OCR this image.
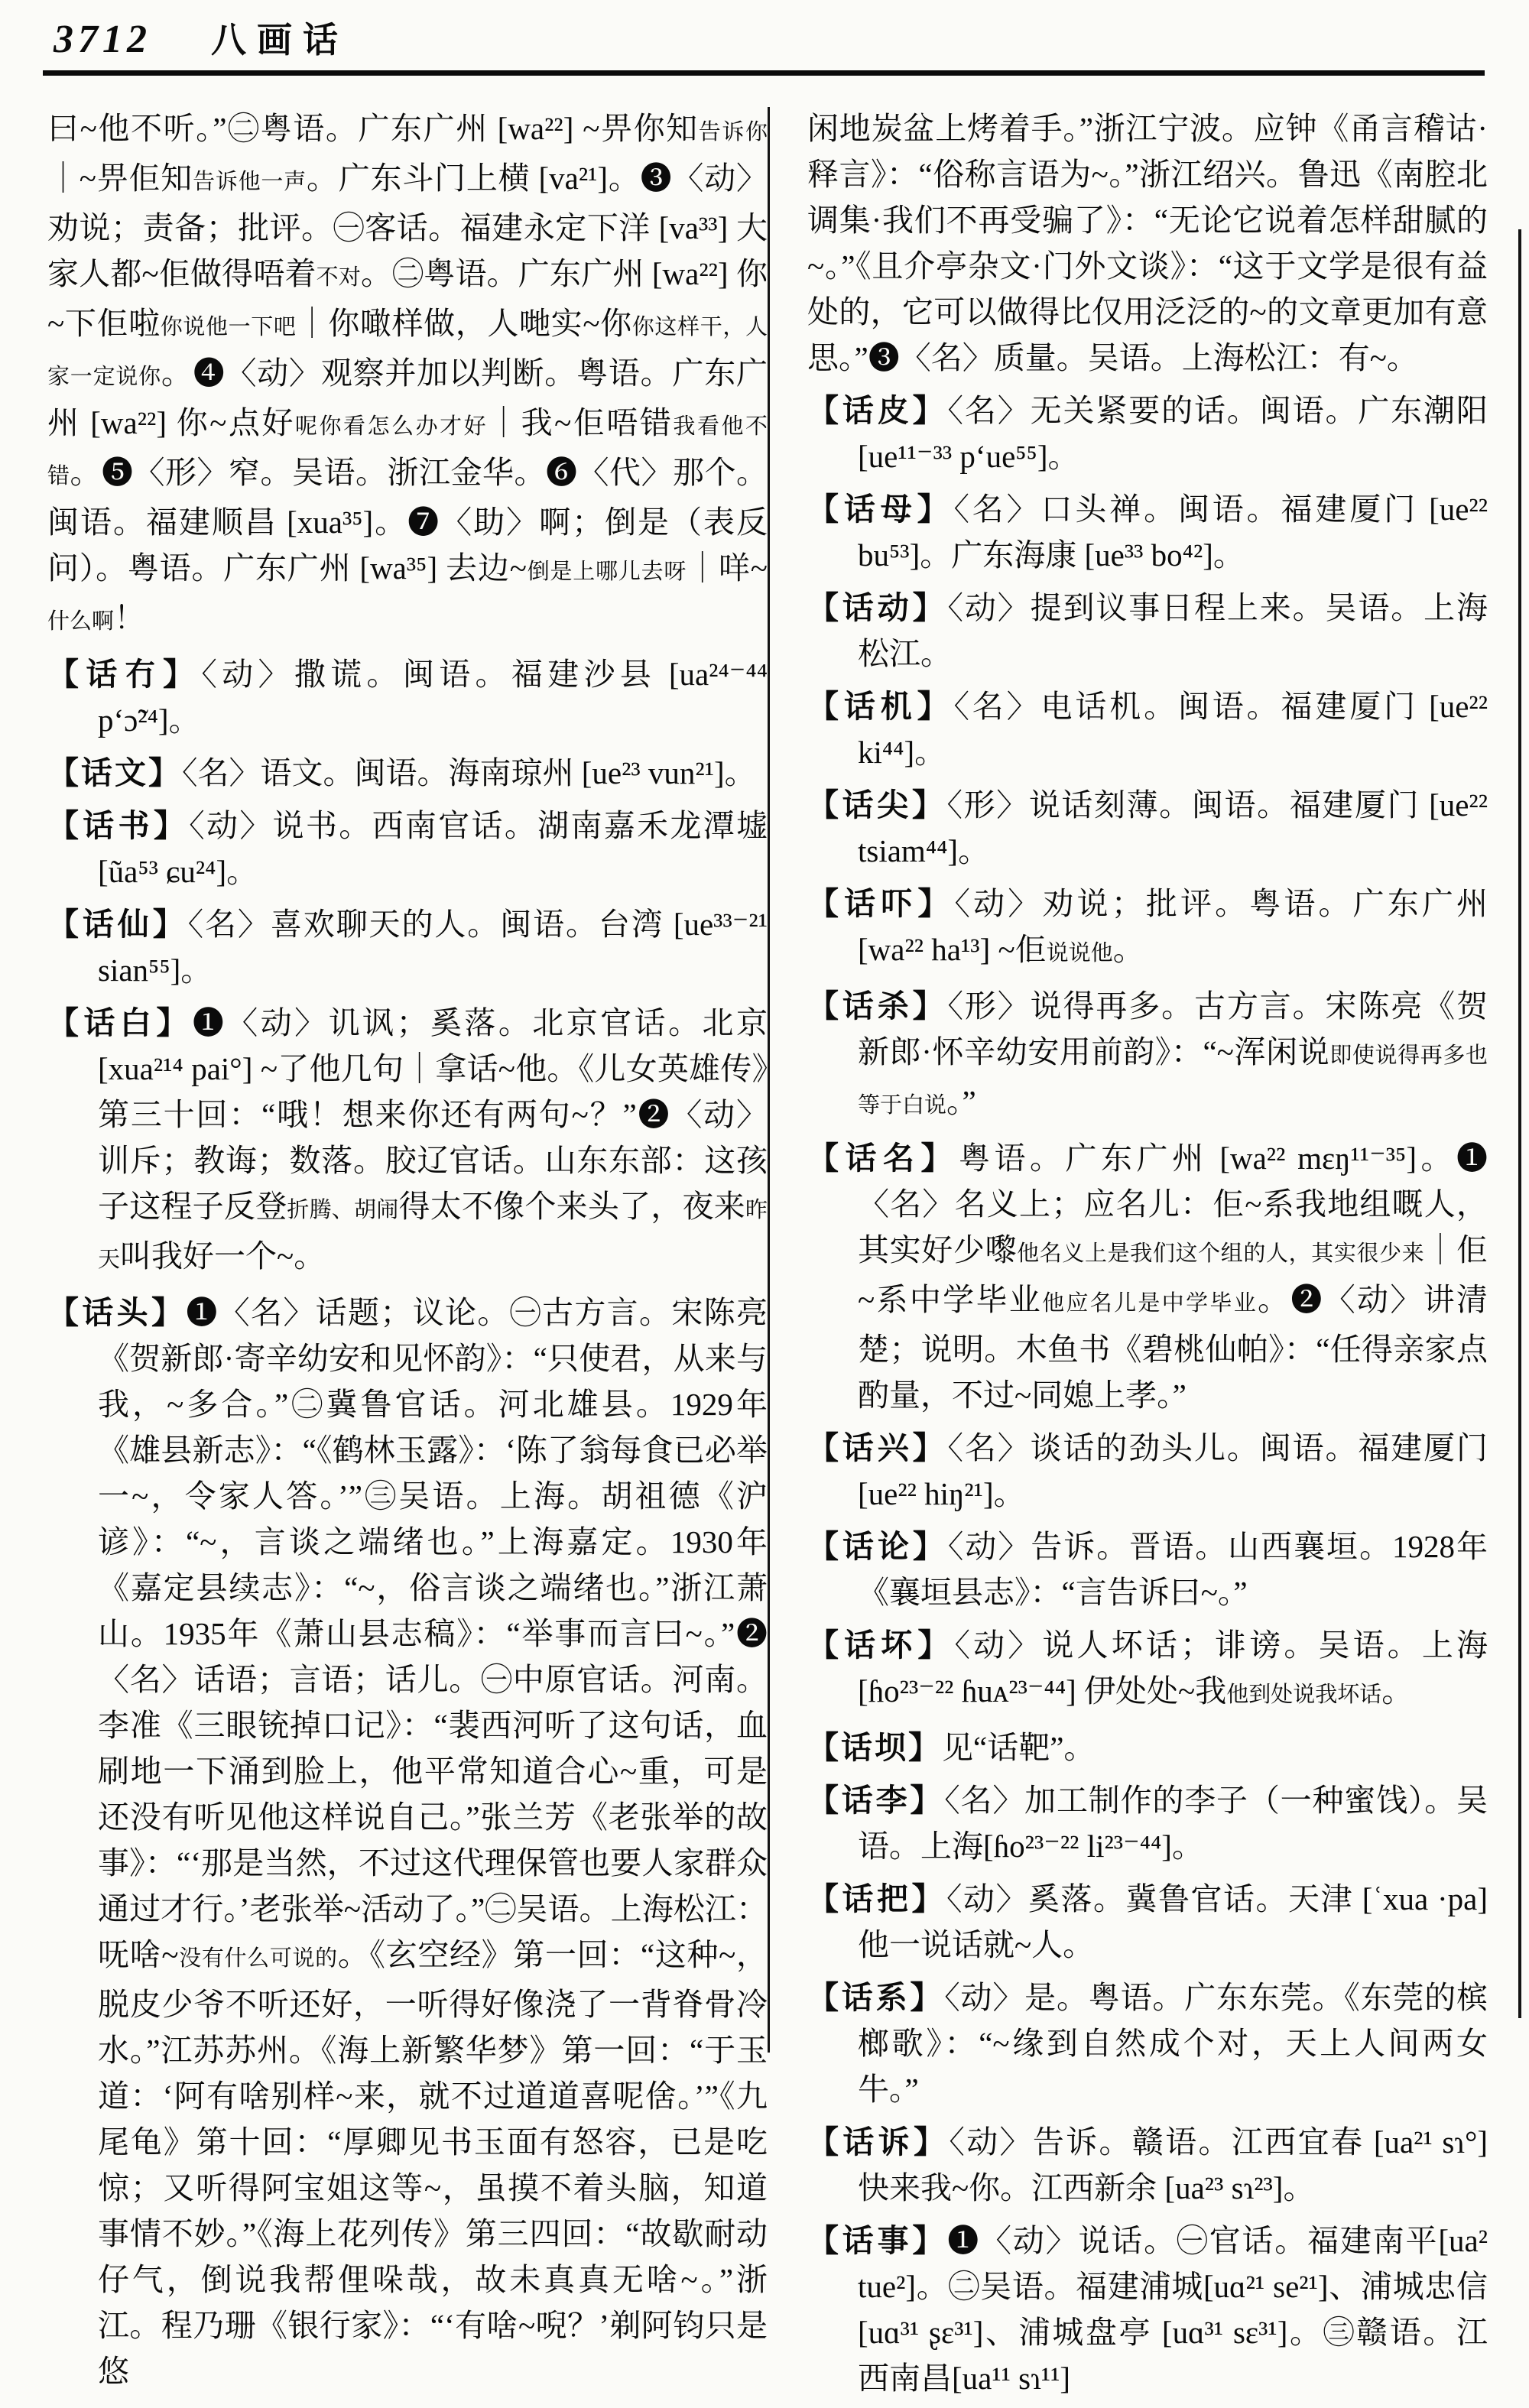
3712 八画话

曰~他不听。”㊁粤语。广东广州 [wa²²] ~畀你知告诉你｜~畀佢知告诉他一声。广东斗门上横 [va²¹]。❸〈动〉劝说；责备；批评。㊀客话。福建永定下洋 [va³³] 大家人都~佢做得唔着不对。㊁粤语。广东广州 [wa²²] 你~下佢啦你说他一下吧｜你噉样做，人哋实~你你这样干，人家一定说你。❹〈动〉观察并加以判断。粤语。广东广州 [wa²²] 你~点好呢你看怎么办才好｜我~佢唔错我看他不错。❺〈形〉窄。吴语。浙江金华。❻〈代〉那个。闽语。福建顺昌 [xua³⁵]。❼〈助〉啊；倒是（表反问）。粤语。广东广州 [wa³⁵] 去边~倒是上哪儿去呀｜咩~什么啊！

【话冇】〈动〉撒谎。闽语。福建沙县 [ua²⁴⁻⁴⁴ p‘ɔ̃²⁴]。

【话文】〈名〉语文。闽语。海南琼州 [ue²³ vun²¹]。

【话书】〈动〉说书。西南官话。湖南嘉禾龙潭墟[ũa⁵³ ɕu²⁴]。

【话仙】〈名〉喜欢聊天的人。闽语。台湾 [ue³³⁻²¹ sian⁵⁵]。

【话白】❶〈动〉讥讽；奚落。北京官话。北京[xua²¹⁴ pai°] ~了他几句｜拿话~他。《儿女英雄传》第三十回：“哦！想来你还有两句~？”❷〈动〉训斥；教诲；数落。胶辽官话。山东东部：这孩子这程子反登折腾、胡闹得太不像个来头了，夜来昨天叫我好一个~。

【话头】❶〈名〉话题；议论。㊀古方言。宋陈亮《贺新郎·寄辛幼安和见怀韵》：“只使君，从来与我，~多合。”㊁冀鲁官话。河北雄县。1929年《雄县新志》：“《鹤林玉露》：‘陈了翁每食已必举一~，令家人答。’”㊂吴语。上海。胡祖德《沪谚》：“~，言谈之端绪也。”上海嘉定。1930年《嘉定县续志》：“~，俗言谈之端绪也。”浙江萧山。1935年《萧山县志稿》：“举事而言曰~。”❷〈名〉话语；言语；话儿。㊀中原官话。河南。李准《三眼铳掉口记》：“裴西河听了这句话，血刷地一下涌到脸上，他平常知道合心~重，可是还没有听见他这样说自己。”张兰芳《老张举的故事》：“‘那是当然，不过这代理保管也要人家群众通过才行。’老张举~活动了。”㊁吴语。上海松江：呒啥~没有什么可说的。《玄空经》第一回：“这种~，脱皮少爷不听还好，一听得好像浇了一背脊骨冷水。”江苏苏州。《海上新繁华梦》第一回：“于玉道：‘阿有啥别样~来，就不过道道喜呢倽。’”《九尾龟》第十回：“厚卿见书玉面有怒容，已是吃惊；又听得阿宝姐这等~，虽摸不着头脑，知道事情不妙。”《海上花列传》第三四回：“故歇耐动仔气，倒说我帮俚哚哉，故未真真无啥~。”浙江。程乃珊《银行家》：“‘有啥~唲？’剃阿钧只是悠

闲地炭盆上烤着手。”浙江宁波。应钟《甬言稽诂·释言》：“俗称言语为~。”浙江绍兴。鲁迅《南腔北调集·我们不再受骗了》：“无论它说着怎样甜腻的~。”《且介亭杂文·门外文谈》：“这于文学是很有益处的，它可以做得比仅用泛泛的~的文章更加有意思。”❸〈名〉质量。吴语。上海松江：有~。

【话皮】〈名〉无关紧要的话。闽语。广东潮阳[ue¹¹⁻³³ p‘ue⁵⁵]。

【话母】〈名〉口头禅。闽语。福建厦门 [ue²² bu⁵³]。广东海康 [ue³³ bo⁴²]。

【话动】〈动〉提到议事日程上来。吴语。上海松江。

【话机】〈名〉电话机。闽语。福建厦门 [ue²² ki⁴⁴]。

【话尖】〈形〉说话刻薄。闽语。福建厦门 [ue²² tsiam⁴⁴]。

【话吓】〈动〉劝说；批评。粤语。广东广州[wa²² ha¹³] ~佢说说他。

【话杀】〈形〉说得再多。古方言。宋陈亮《贺新郎·怀辛幼安用前韵》：“~浑闲说即使说得再多也等于白说。”

【话名】粤语。广东广州 [wa²² mɛŋ¹¹⁻³⁵]。❶〈名〉名义上；应名儿：佢~系我地组嘅人，其实好少嚟他名义上是我们这个组的人，其实很少来｜佢~系中学毕业他应名儿是中学毕业。❷〈动〉讲清楚；说明。木鱼书《碧桃仙帕》：“任得亲家点酌量，不过~同媳上孝。”

【话兴】〈名〉谈话的劲头儿。闽语。福建厦门 [ue²² hiŋ²¹]。

【话论】〈动〉告诉。晋语。山西襄垣。1928年《襄垣县志》：“言告诉曰~。”

【话坏】〈动〉说人坏话；诽谤。吴语。上海 [ɦo²³⁻²² ɦuᴀ²³⁻⁴⁴] 伊处处~我他到处说我坏话。

【话坝】见“话靶”。

【话李】〈名〉加工制作的李子（一种蜜饯）。吴语。上海[ɦo²³⁻²² li²³⁻⁴⁴]。

【话把】〈动〉奚落。冀鲁官话。天津 [ʿxua ·pa] 他一说话就~人。

【话系】〈动〉是。粤语。广东东莞。《东莞的槟榔歌》：“~缘到自然成个对，天上人间两女牛。”

【话诉】〈动〉告诉。赣语。江西宜春 [ua²¹ sɿ°] 快来我~你。江西新余 [ua²³ sɿ²³]。

【话事】❶〈动〉说话。㊀官话。福建南平[ua² tue²]。㊁吴语。福建浦城[uɑ²¹ se²¹]、浦城忠信 [uɑ³¹ ʂɛ³¹]、浦城盘亭 [uɑ³¹ sɛ³¹]。㊂赣语。江西南昌[ua¹¹ sɿ¹¹]
